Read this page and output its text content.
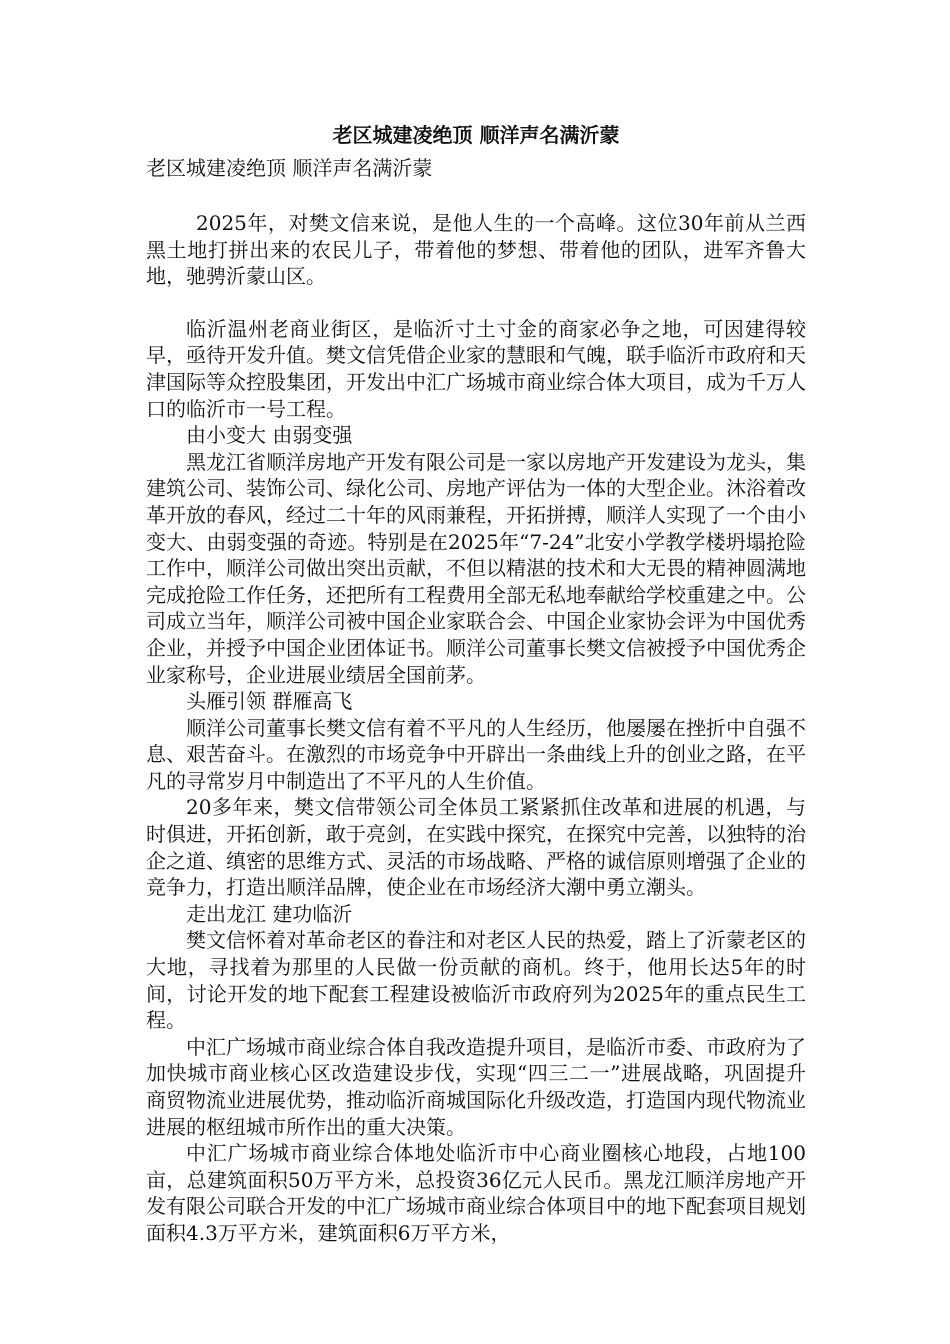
老区城建凌绝顶 顺洋声名满沂蒙
老区城建凌绝顶 顺洋声名满沂蒙

2025年，对樊文信来说，是他人生的一个高峰。这位30年前从兰西黑土地打拼出来的农民儿子，带着他的梦想、带着他的团队，进军齐鲁大地，驰骋沂蒙山区。

临沂温州老商业街区，是临沂寸土寸金的商家必争之地，可因建得较早，亟待开发升值。樊文信凭借企业家的慧眼和气魄，联手临沂市政府和天津国际等众控股集团，开发出中汇广场城市商业综合体大项目，成为千万人口的临沂市一号工程。

由小变大 由弱变强

黑龙江省顺洋房地产开发有限公司是一家以房地产开发建设为龙头，集建筑公司、装饰公司、绿化公司、房地产评估为一体的大型企业。沐浴着改革开放的春风，经过二十年的风雨兼程，开拓拼搏，顺洋人实现了一个由小变大、由弱变强的奇迹。特别是在2025年“7-24”北安小学教学楼坍塌抢险工作中，顺洋公司做出突出贡献，不但以精湛的技术和大无畏的精神圆满地完成抢险工作任务，还把所有工程费用全部无私地奉献给学校重建之中。公司成立当年，顺洋公司被中国企业家联合会、中国企业家协会评为中国优秀企业，并授予中国企业团体证书。顺洋公司董事长樊文信被授予中国优秀企业家称号，企业进展业绩居全国前茅。

头雁引领 群雁高飞

顺洋公司董事长樊文信有着不平凡的人生经历，他屡屡在挫折中自强不息、艰苦奋斗。在激烈的市场竞争中开辟出一条曲线上升的创业之路，在平凡的寻常岁月中制造出了不平凡的人生价值。

20多年来，樊文信带领公司全体员工紧紧抓住改革和进展的机遇，与时俱进，开拓创新，敢于亮剑，在实践中探究，在探究中完善，以独特的治企之道、缜密的思维方式、灵活的市场战略、严格的诚信原则增强了企业的竞争力，打造出顺洋品牌，使企业在市场经济大潮中勇立潮头。

走出龙江 建功临沂

樊文信怀着对革命老区的眷注和对老区人民的热爱，踏上了沂蒙老区的大地，寻找着为那里的人民做一份贡献的商机。终于，他用长达5年的时间，讨论开发的地下配套工程建设被临沂市政府列为2025年的重点民生工程。

中汇广场城市商业综合体自我改造提升项目，是临沂市委、市政府为了加快城市商业核心区改造建设步伐，实现“四三二一”进展战略，巩固提升商贸物流业进展优势，推动临沂商城国际化升级改造，打造国内现代物流业进展的枢纽城市所作出的重大决策。

中汇广场城市商业综合体地处临沂市中心商业圈核心地段，占地100亩，总建筑面积50万平方米，总投资36亿元人民币。黑龙江顺洋房地产开发有限公司联合开发的中汇广场城市商业综合体项目中的地下配套项目规划面积4.3万平方米，建筑面积6万平方米，
